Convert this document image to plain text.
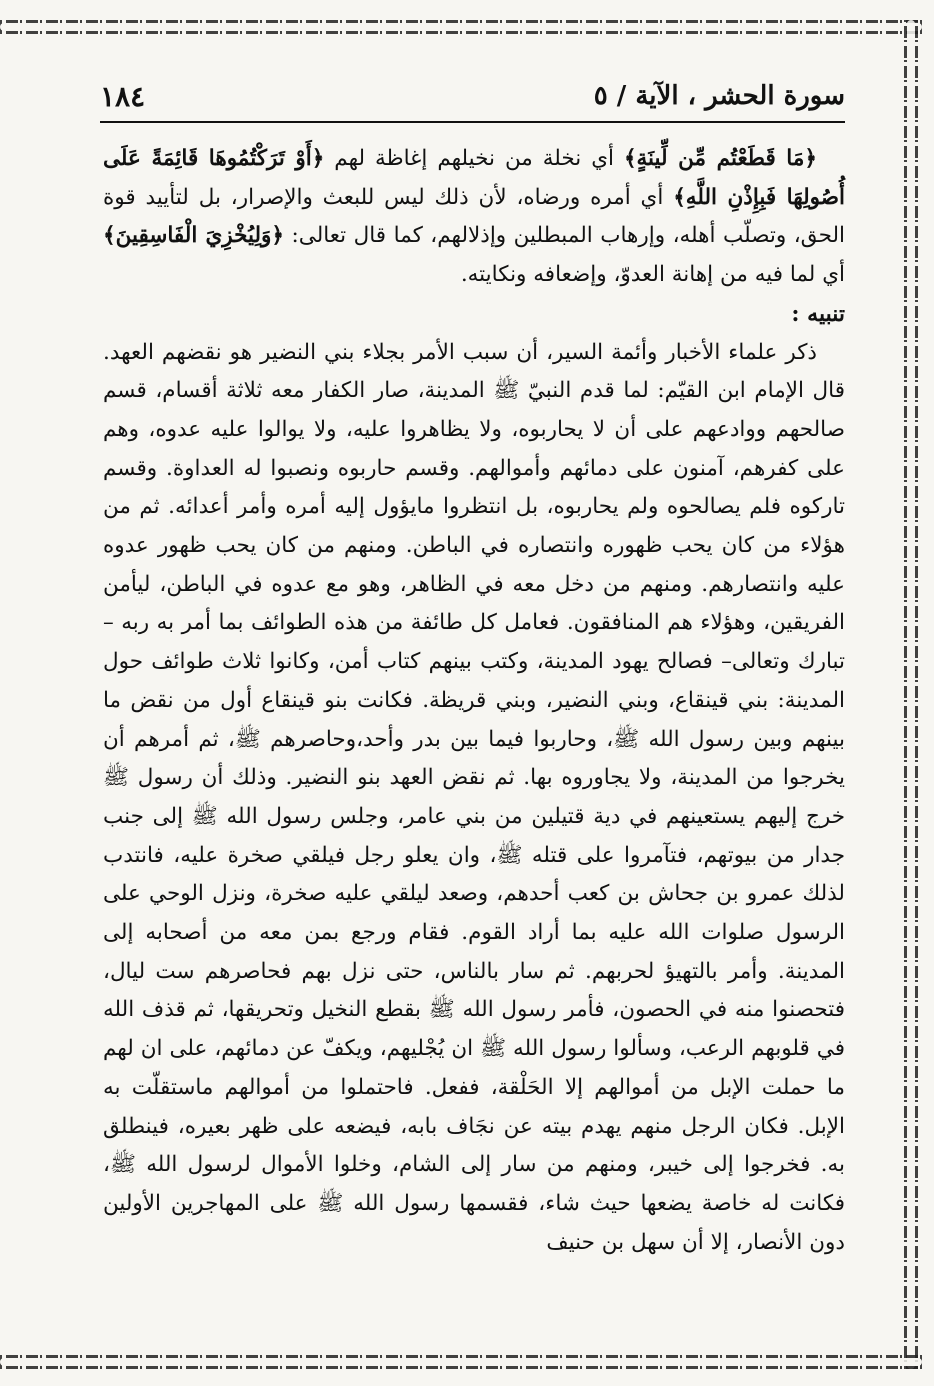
١٨٤	سورة الحشر ، الآية / ٥

﴿مَا قَطَعْتُم مِّن لِّينَةٍ﴾ أي نخلة من نخيلهم إغاظة لهم ﴿أَوْ تَرَكْتُمُوهَا قَائِمَةً عَلَى أُصُولِهَا فَبِإِذْنِ اللَّهِ﴾ أي أمره ورضاه، لأن ذلك ليس للبعث والإصرار، بل لتأييد قوة الحق، وتصلّب أهله، وإرهاب المبطلين وإذلالهم، كما قال تعالى: ﴿وَلِيُخْزِيَ الْفَاسِقِينَ﴾ أي لما فيه من إهانة العدوّ، وإضعافه ونكايته.

تنبيه :

ذكر علماء الأخبار وأئمة السير، أن سبب الأمر بجلاء بني النضير هو نقضهم العهد. قال الإمام ابن القيّم: لما قدم النبيّ ﷺ المدينة، صار الكفار معه ثلاثة أقسام، قسم صالحهم ووادعهم على أن لا يحاربوه، ولا يظاهروا عليه، ولا يوالوا عليه عدوه، وهم على كفرهم، آمنون على دمائهم وأموالهم. وقسم حاربوه ونصبوا له العداوة. وقسم تاركوه فلم يصالحوه ولم يحاربوه، بل انتظروا مايؤول إليه أمره وأمر أعدائه. ثم من هؤلاء من كان يحب ظهوره وانتصاره في الباطن. ومنهم من كان يحب ظهور عدوه عليه وانتصارهم. ومنهم من دخل معه في الظاهر، وهو مع عدوه في الباطن، ليأمن الفريقين، وهؤلاء هم المنافقون. فعامل كل طائفة من هذه الطوائف بما أمر به ربه – تبارك وتعالى– فصالح يهود المدينة، وكتب بينهم كتاب أمن، وكانوا ثلاث طوائف حول المدينة: بني قينقاع، وبني النضير، وبني قريظة. فكانت بنو قينقاع أول من نقض ما بينهم وبين رسول الله ﷺ، وحاربوا فيما بين بدر وأحد،وحاصرهم ﷺ، ثم أمرهم أن يخرجوا من المدينة، ولا يجاوروه بها. ثم نقض العهد بنو النضير. وذلك أن رسول ﷺ خرج إليهم يستعينهم في دية قتيلين من بني عامر، وجلس رسول الله ﷺ إلى جنب جدار من بيوتهم، فتآمروا على قتله ﷺ، وان يعلو رجل فيلقي صخرة عليه، فانتدب لذلك عمرو بن جحاش بن كعب أحدهم، وصعد ليلقي عليه صخرة، ونزل الوحي على الرسول صلوات الله عليه بما أراد القوم. فقام ورجع بمن معه من أصحابه إلى المدينة. وأمر بالتهيؤ لحربهم. ثم سار بالناس، حتى نزل بهم فحاصرهم ست ليال، فتحصنوا منه في الحصون، فأمر رسول الله ﷺ بقطع النخيل وتحريقها، ثم قذف الله في قلوبهم الرعب، وسألوا رسول الله ﷺ ان يُجْليهم، ويكفّ عن دمائهم، على ان لهم ما حملت الإبل من أموالهم إلا الحَلْقة، ففعل. فاحتملوا من أموالهم ماستقلّت به الإبل. فكان الرجل منهم يهدم بيته عن نجَاف بابه، فيضعه على ظهر بعيره، فينطلق به. فخرجوا إلى خيبر، ومنهم من سار إلى الشام، وخلوا الأموال لرسول الله ﷺ، فكانت له خاصة يضعها حيث شاء، فقسمها رسول الله ﷺ على المهاجرين الأولين دون الأنصار، إلا أن سهل بن حنيف
